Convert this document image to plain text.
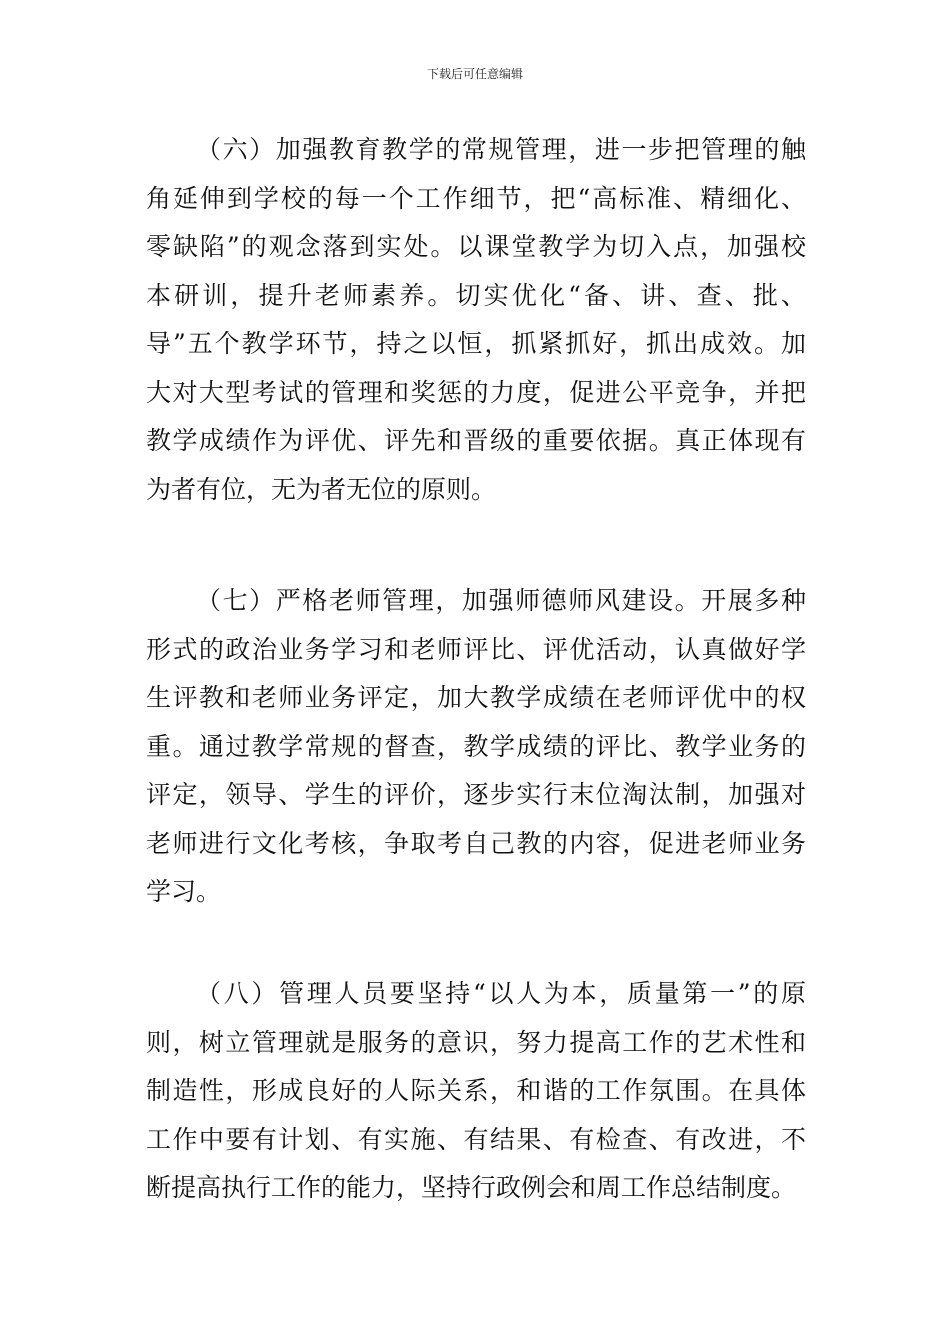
下载后可任意编辑
（六）加强教育教学的常规管理，进一步把管理的触
角延伸到学校的每一个工作细节，把“高标准、精细化、
零缺陷”的观念落到实处。以课堂教学为切入点，加强校
本研训，提升老师素养。切实优化“备、讲、查、批、
导”五个教学环节，持之以恒，抓紧抓好，抓出成效。加
大对大型考试的管理和奖惩的力度，促进公平竞争，并把
教学成绩作为评优、评先和晋级的重要依据。真正体现有
为者有位，无为者无位的原则。
（七）严格老师管理，加强师德师风建设。开展多种
形式的政治业务学习和老师评比、评优活动，认真做好学
生评教和老师业务评定，加大教学成绩在老师评优中的权
重。通过教学常规的督查，教学成绩的评比、教学业务的
评定，领导、学生的评价，逐步实行末位淘汰制，加强对
老师进行文化考核，争取考自己教的内容，促进老师业务
学习。
（八）管理人员要坚持“以人为本，质量第一”的原
则，树立管理就是服务的意识，努力提高工作的艺术性和
制造性，形成良好的人际关系，和谐的工作氛围。在具体
工作中要有计划、有实施、有结果、有检查、有改进，不
断提高执行工作的能力，坚持行政例会和周工作总结制度。
